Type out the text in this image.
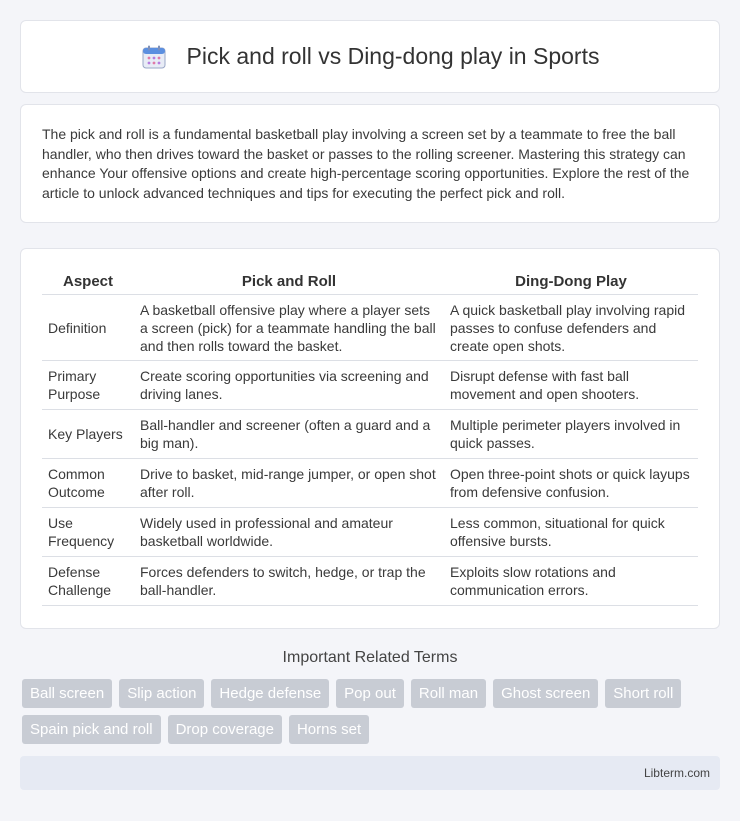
Pick and roll vs Ding-dong play in Sports

The pick and roll is a fundamental basketball play involving a screen set by a teammate to free the ball handler, who then drives toward the basket or passes to the rolling screener. Mastering this strategy can enhance Your offensive options and create high-percentage scoring opportunities. Explore the rest of the article to unlock advanced techniques and tips for executing the perfect pick and roll.

Aspect	Pick and Roll	Ding-Dong Play
Definition	A basketball offensive play where a player sets a screen (pick) for a teammate handling the ball and then rolls toward the basket.	A quick basketball play involving rapid passes to confuse defenders and create open shots.
Primary Purpose	Create scoring opportunities via screening and driving lanes.	Disrupt defense with fast ball movement and open shooters.
Key Players	Ball-handler and screener (often a guard and a big man).	Multiple perimeter players involved in quick passes.
Common Outcome	Drive to basket, mid-range jumper, or open shot after roll.	Open three-point shots or quick layups from defensive confusion.
Use Frequency	Widely used in professional and amateur basketball worldwide.	Less common, situational for quick offensive bursts.
Defense Challenge	Forces defenders to switch, hedge, or trap the ball-handler.	Exploits slow rotations and communication errors.
Important Related Terms
Ball screen	Slip action	Hedge defense	Pop out	Roll man	Ghost screen	Short roll
Spain pick and roll	Drop coverage	Horns set
Libterm.com
